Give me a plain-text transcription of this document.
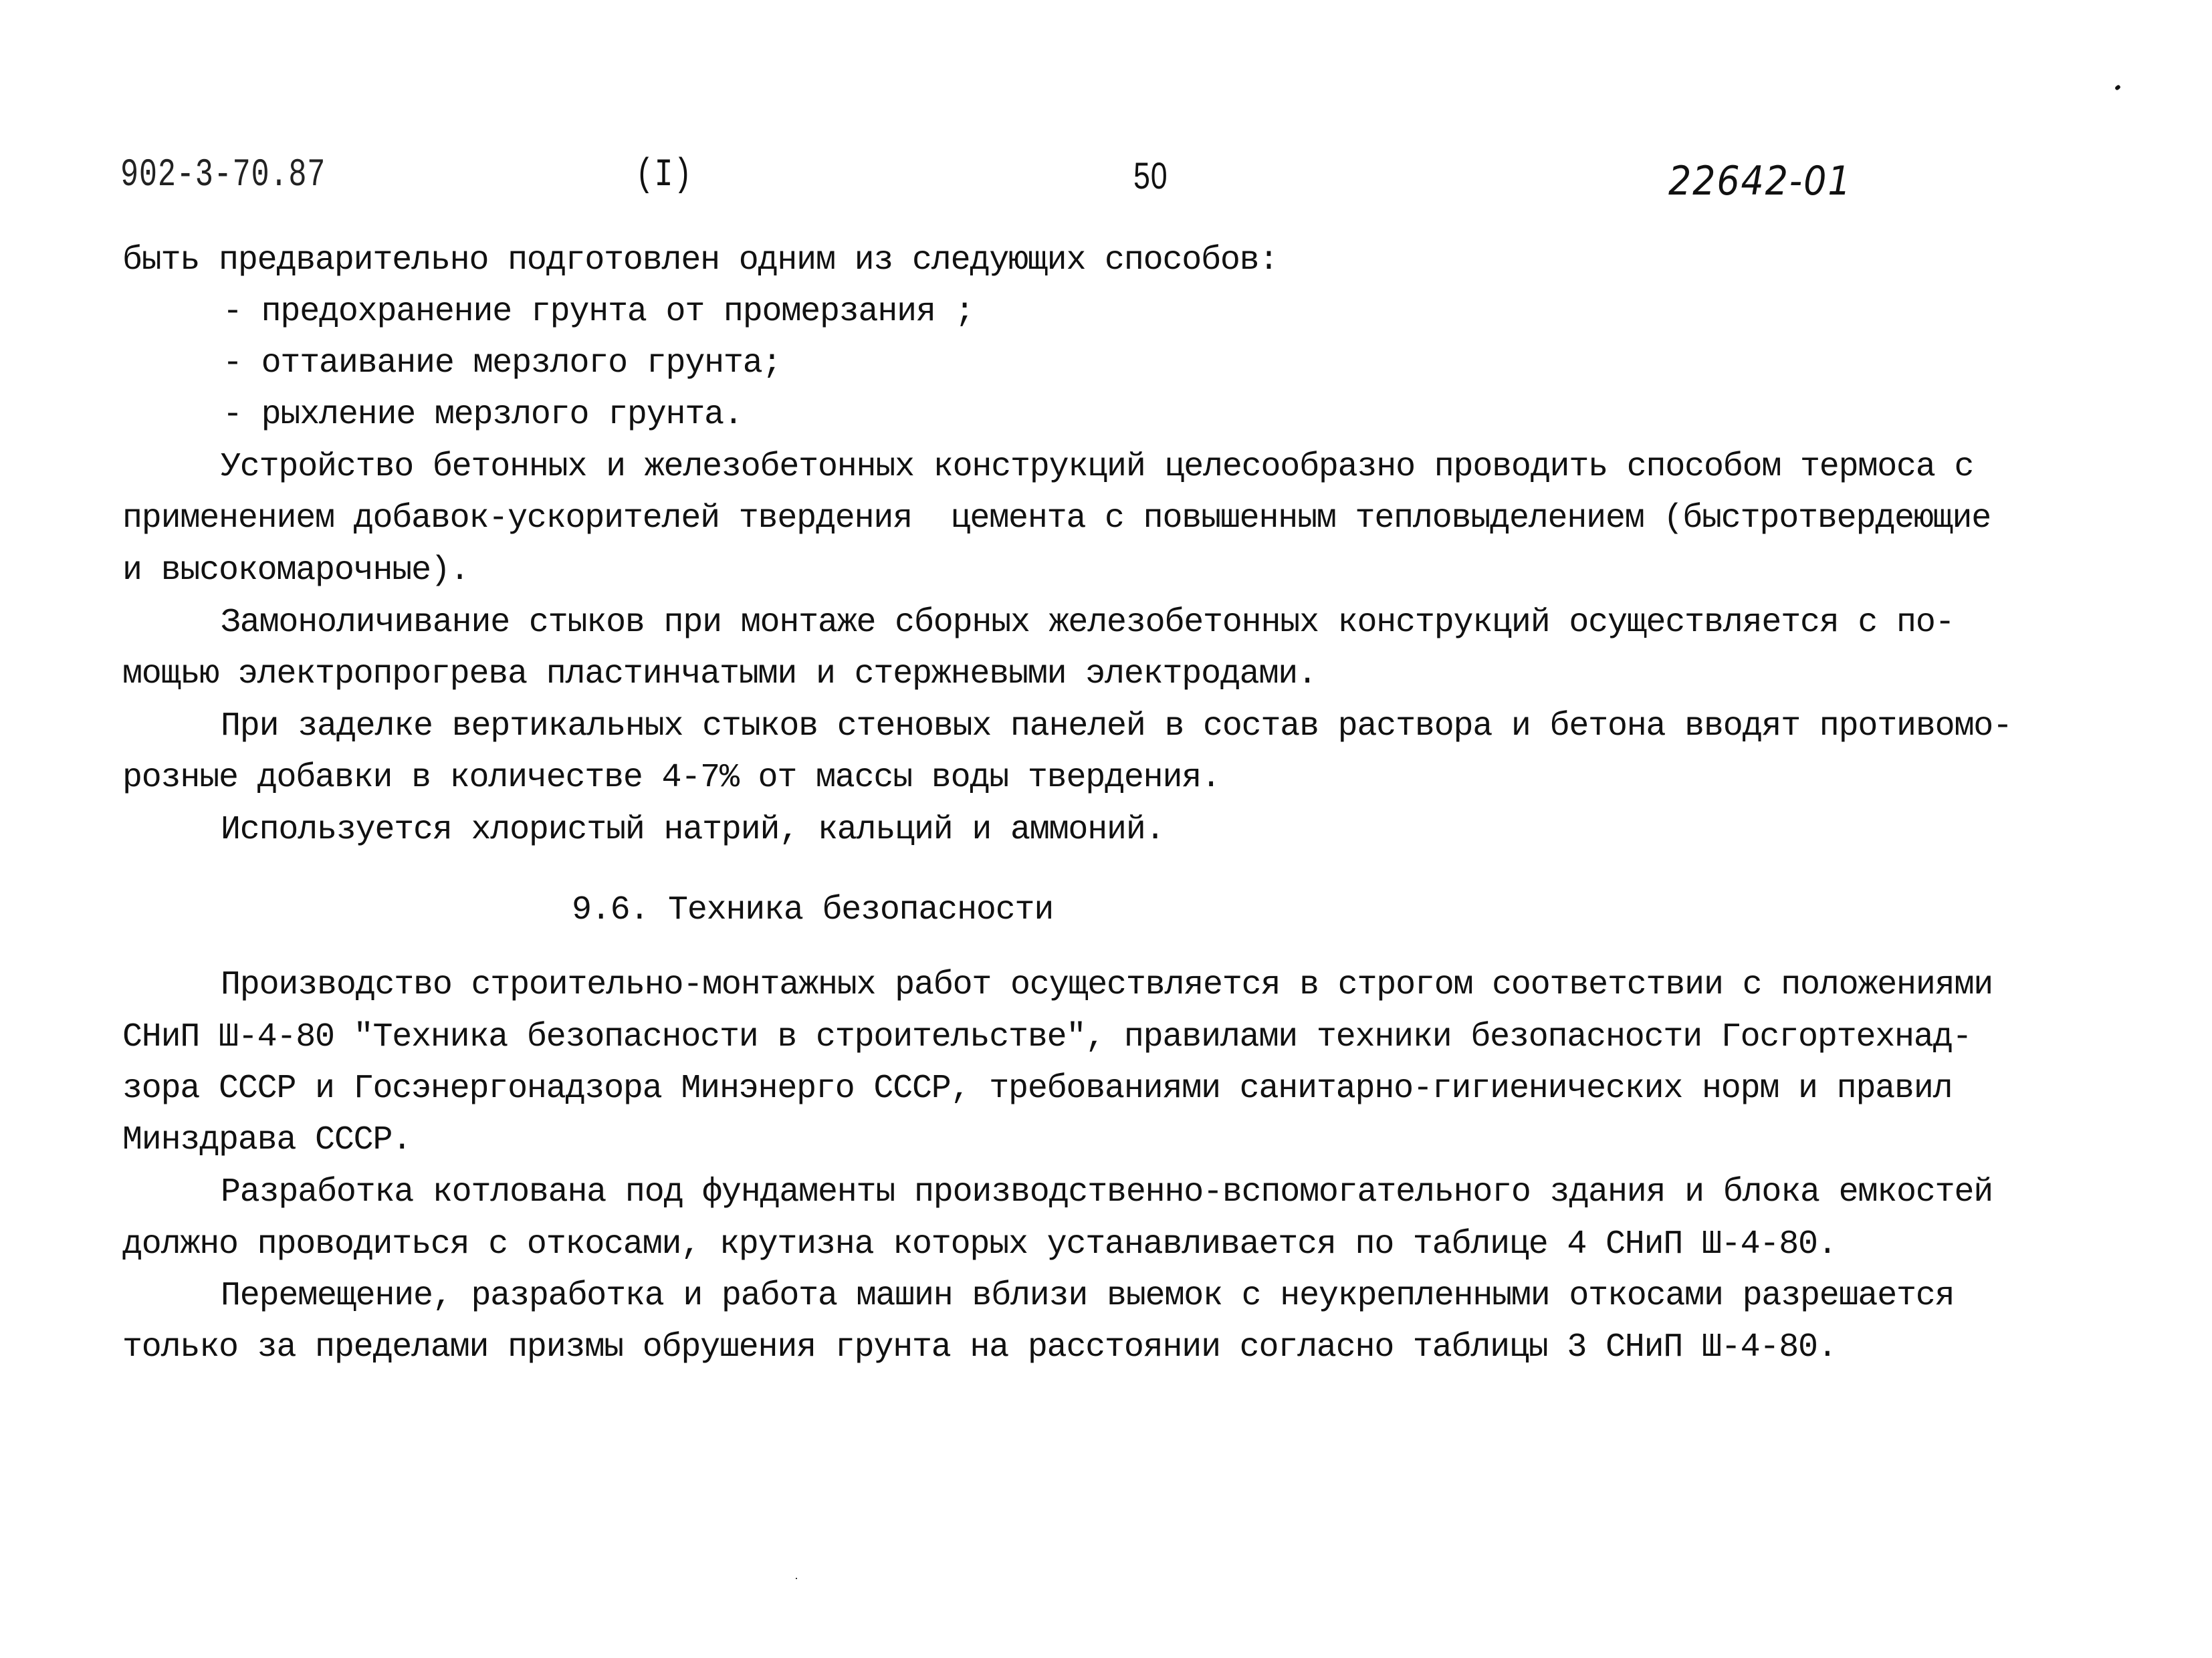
902-3-70.87	(I)	50	22642-01
быть предварительно подготовлен одним из следующих способов:
- предохранение грунта от промерзания ;
- оттаивание мерзлого грунта;
- рыхление мерзлого грунта.
Устройство бетонных и железобетонных конструкций целесообразно проводить способом термоса с
применением добавок-ускорителей твердения  цемента с повышенным тепловыделением (быстротвердеющие
и высокомарочные).
Замоноличивание стыков при монтаже сборных железобетонных конструкций осуществляется с по-
мощью электропрогрева пластинчатыми и стержневыми электродами.
При заделке вертикальных стыков стеновых панелей в состав раствора и бетона вводят противомо-
розные добавки в количестве 4-7% от массы воды твердения.
Используется хлористый натрий, кальций и аммоний.
9.6. Техника безопасности
Производство строительно-монтажных работ осуществляется в строгом соответствии с положениями
СНиП Ш-4-80 "Техника безопасности в строительстве", правилами техники безопасности Госгортехнад-
зора СССР и Госэнергонадзора Минэнерго СССР, требованиями санитарно-гигиенических норм и правил
Минздрава СССР.
Разработка котлована под фундаменты производственно-вспомогательного здания и блока емкостей
должно проводиться с откосами, крутизна которых устанавливается по таблице 4 СНиП Ш-4-80.
Перемещение, разработка и работа машин вблизи выемок с неукрепленными откосами разрешается
только за пределами призмы обрушения грунта на расстоянии согласно таблицы 3 СНиП Ш-4-80.
